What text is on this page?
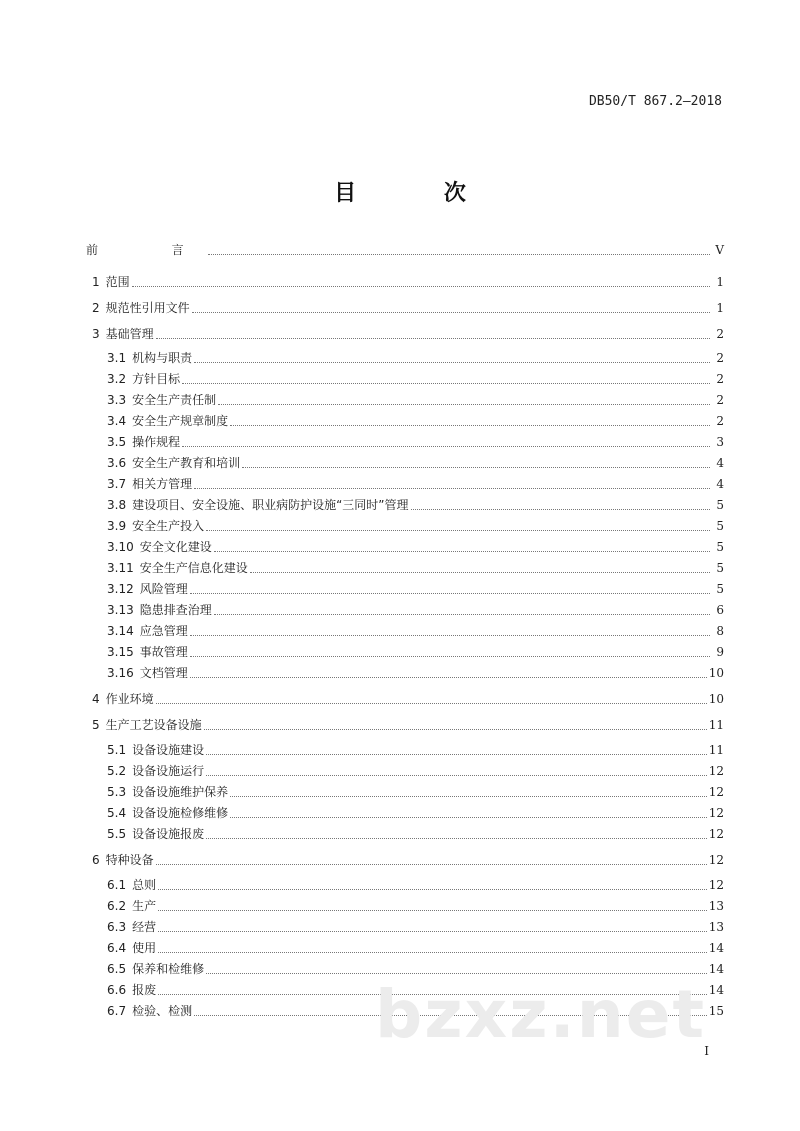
DB50/T 867.2—2018
目 次
前  言	V
1 范围	1
2 规范性引用文件	1
3 基础管理	2
3.1 机构与职责	2
3.2 方针目标	2
3.3 安全生产责任制	2
3.4 安全生产规章制度	2
3.5 操作规程	3
3.6 安全生产教育和培训	4
3.7 相关方管理	4
3.8 建设项目、安全设施、职业病防护设施“三同时”管理	5
3.9 安全生产投入	5
3.10 安全文化建设	5
3.11 安全生产信息化建设	5
3.12 风险管理	5
3.13 隐患排查治理	6
3.14 应急管理	8
3.15 事故管理	9
3.16 文档管理	10
4 作业环境	10
5 生产工艺设备设施	11
5.1 设备设施建设	11
5.2 设备设施运行	12
5.3 设备设施维护保养	12
5.4 设备设施检修维修	12
5.5 设备设施报废	12
6 特种设备	12
6.1 总则	12
6.2 生产	13
6.3 经营	13
6.4 使用	14
6.5 保养和检维修	14
6.6 报废	14
6.7 检验、检测	15
I
bzxz.net
